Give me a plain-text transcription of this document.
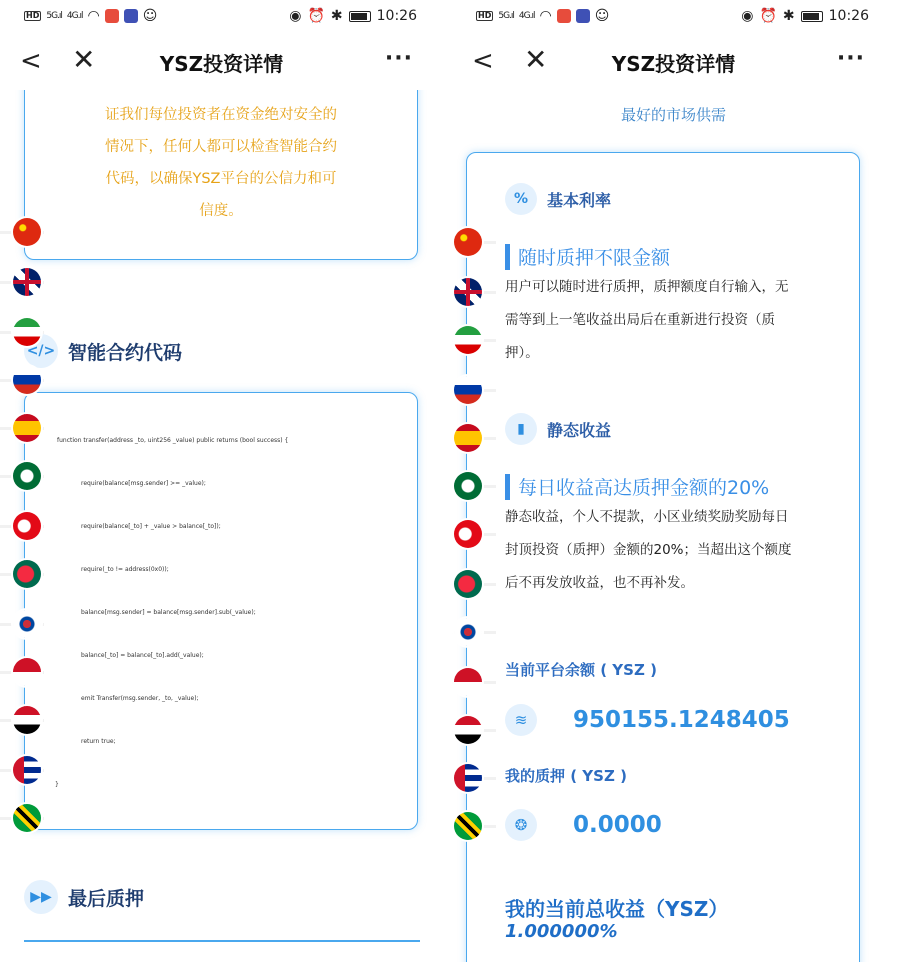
HD 5G.ıl 4G.ıl ◠	☺	◉ ⏰ ✱ 10:26
< ✕	YSZ投资详情	···
证我们每位投资者在资金绝对安全的
情况下，任何人都可以检查智能合约
代码，以确保YSZ平台的公信力和可
信度。
</> 智能合约代码
function transfer(address _to, uint256 _value) public returns (bool success) {
require(balance[msg.sender] >= _value);
require(balance[_to] + _value > balance[_to]);
require(_to != address(0x0));
balance[msg.sender] = balance[msg.sender].sub(_value);
balance[_to] = balance[_to].add(_value);
emit Transfer(msg.sender, _to, _value);
return true;
}
▶▶ 最后质押
HD 5G.ıl 4G.ıl ◠	☺	◉ ⏰ ✱ 10:26
< ✕	YSZ投资详情	···
最好的市场供需
%	基本利率
随时质押不限金额
用户可以随时进行质押，质押额度自行输入，无
需等到上一笔收益出局后在重新进行投资（质
押）。
▮	静态收益
每日收益高达质押金额的20%
静态收益，个人不提款，小区业绩奖励奖励每日
封顶投资（质押）金额的20%；当超出这个额度
后不再发放收益，也不再补发。
当前平台余额 ( YSZ )
≋	950155.1248405
我的质押 ( YSZ )
❂	0.0000
我的当前总收益（YSZ）
1.000000%
